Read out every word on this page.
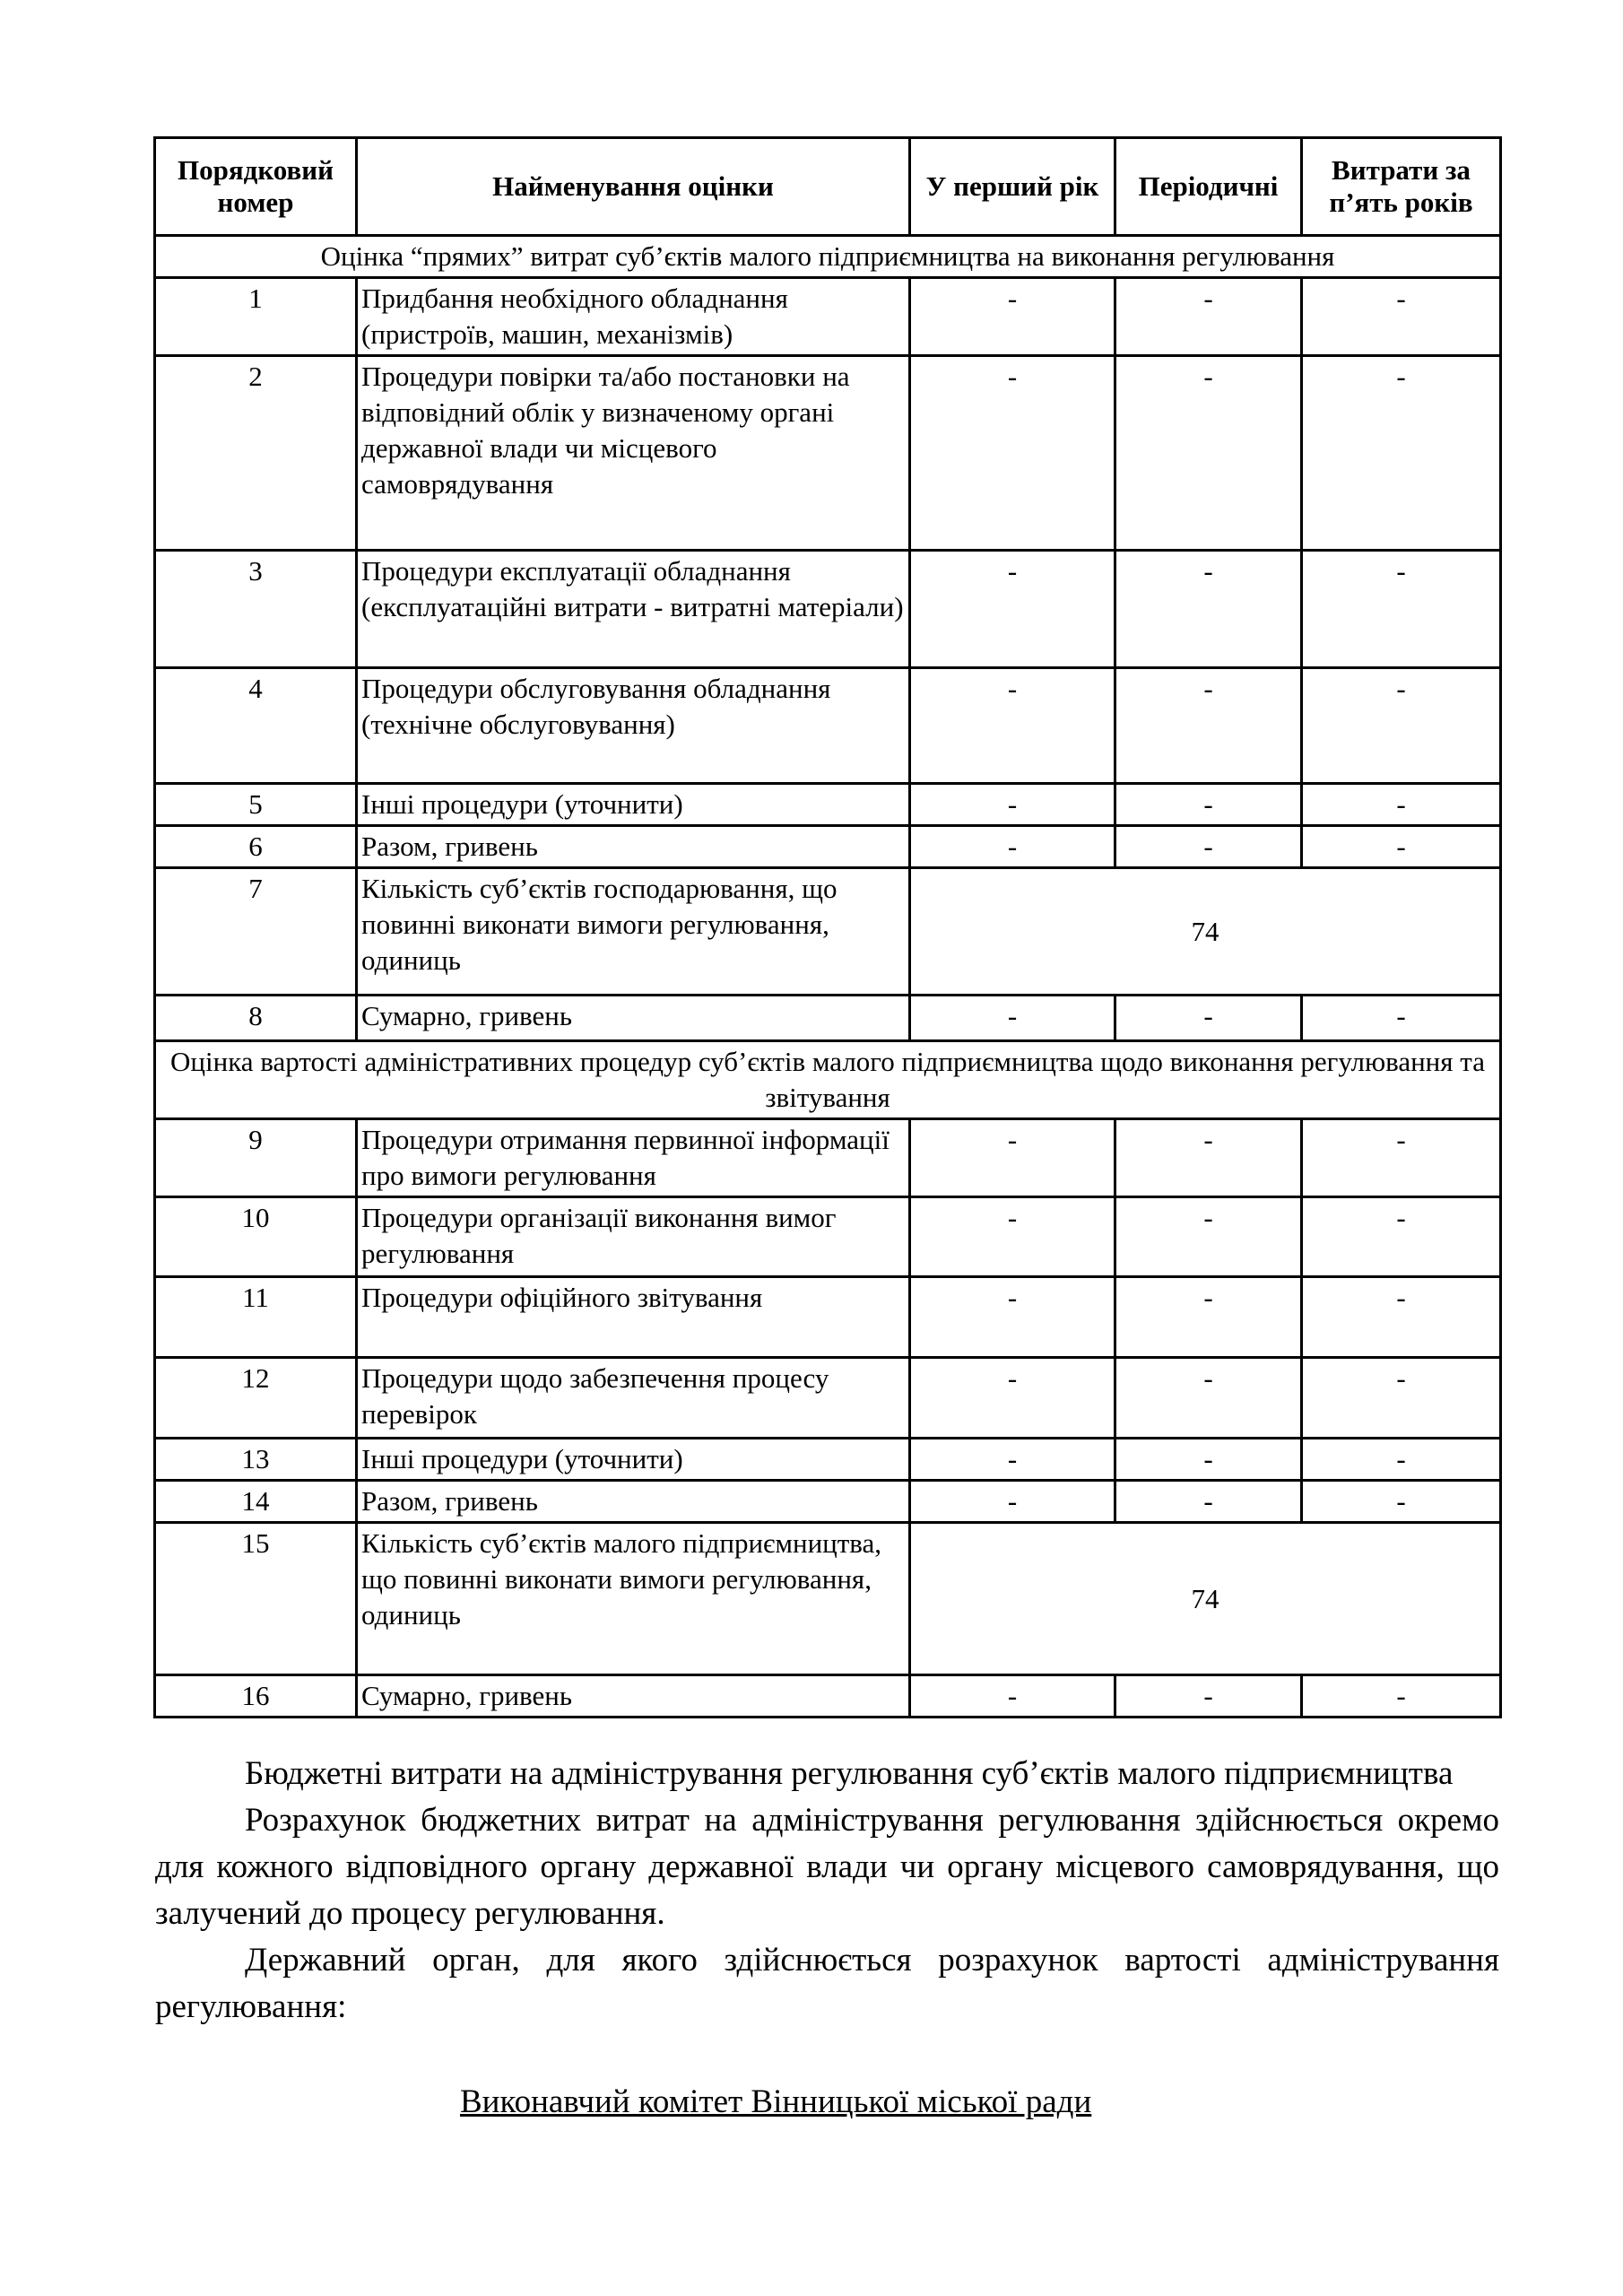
Порядковий номер	Найменування оцінки	У перший рік	Періодичні	Витрати за п’ять років
Оцінка “прямих” витрат суб’єктів малого підприємництва на виконання регулювання				
1	Придбання необхідного обладнання (пристроїв, машин, механізмів)	-	-	-
2	Процедури повірки та/або постановки на відповідний облік у визначеному органі державної влади чи місцевого самоврядування	-	-	-
3	Процедури експлуатації обладнання (експлуатаційні витрати - витратні матеріали)	-	-	-
4	Процедури обслуговування обладнання (технічне обслуговування)	-	-	-
5	Інші процедури (уточнити)	-	-	-
6	Разом, гривень	-	-	-
7	Кількість суб’єктів господарювання, що повинні виконати вимоги регулювання, одиниць	74		
8	Сумарно, гривень	-	-	-
Оцінка вартості адміністративних процедур суб’єктів малого підприємництва щодо виконання регулювання та звітування				
9	Процедури отримання первинної інформації про вимоги регулювання	-	-	-
10	Процедури організації виконання вимог регулювання	-	-	-
11	Процедури офіційного звітування	-	-	-
12	Процедури щодо забезпечення процесу перевірок	-	-	-
13	Інші процедури (уточнити)	-	-	-
14	Разом, гривень	-	-	-
15	Кількість суб’єктів малого підприємництва, що повинні виконати вимоги регулювання, одиниць	74		
16	Сумарно, гривень	-	-	-

Бюджетні витрати на адміністрування регулювання суб’єктів малого підприємництва

Розрахунок бюджетних витрат на адміністрування регулювання здійснюється окремо для кожного відповідного органу державної влади чи органу місцевого самоврядування, що залучений до процесу регулювання.

Державний орган, для якого здійснюється розрахунок вартості адміністрування регулювання:

Виконавчий комітет Вінницької міської ради
